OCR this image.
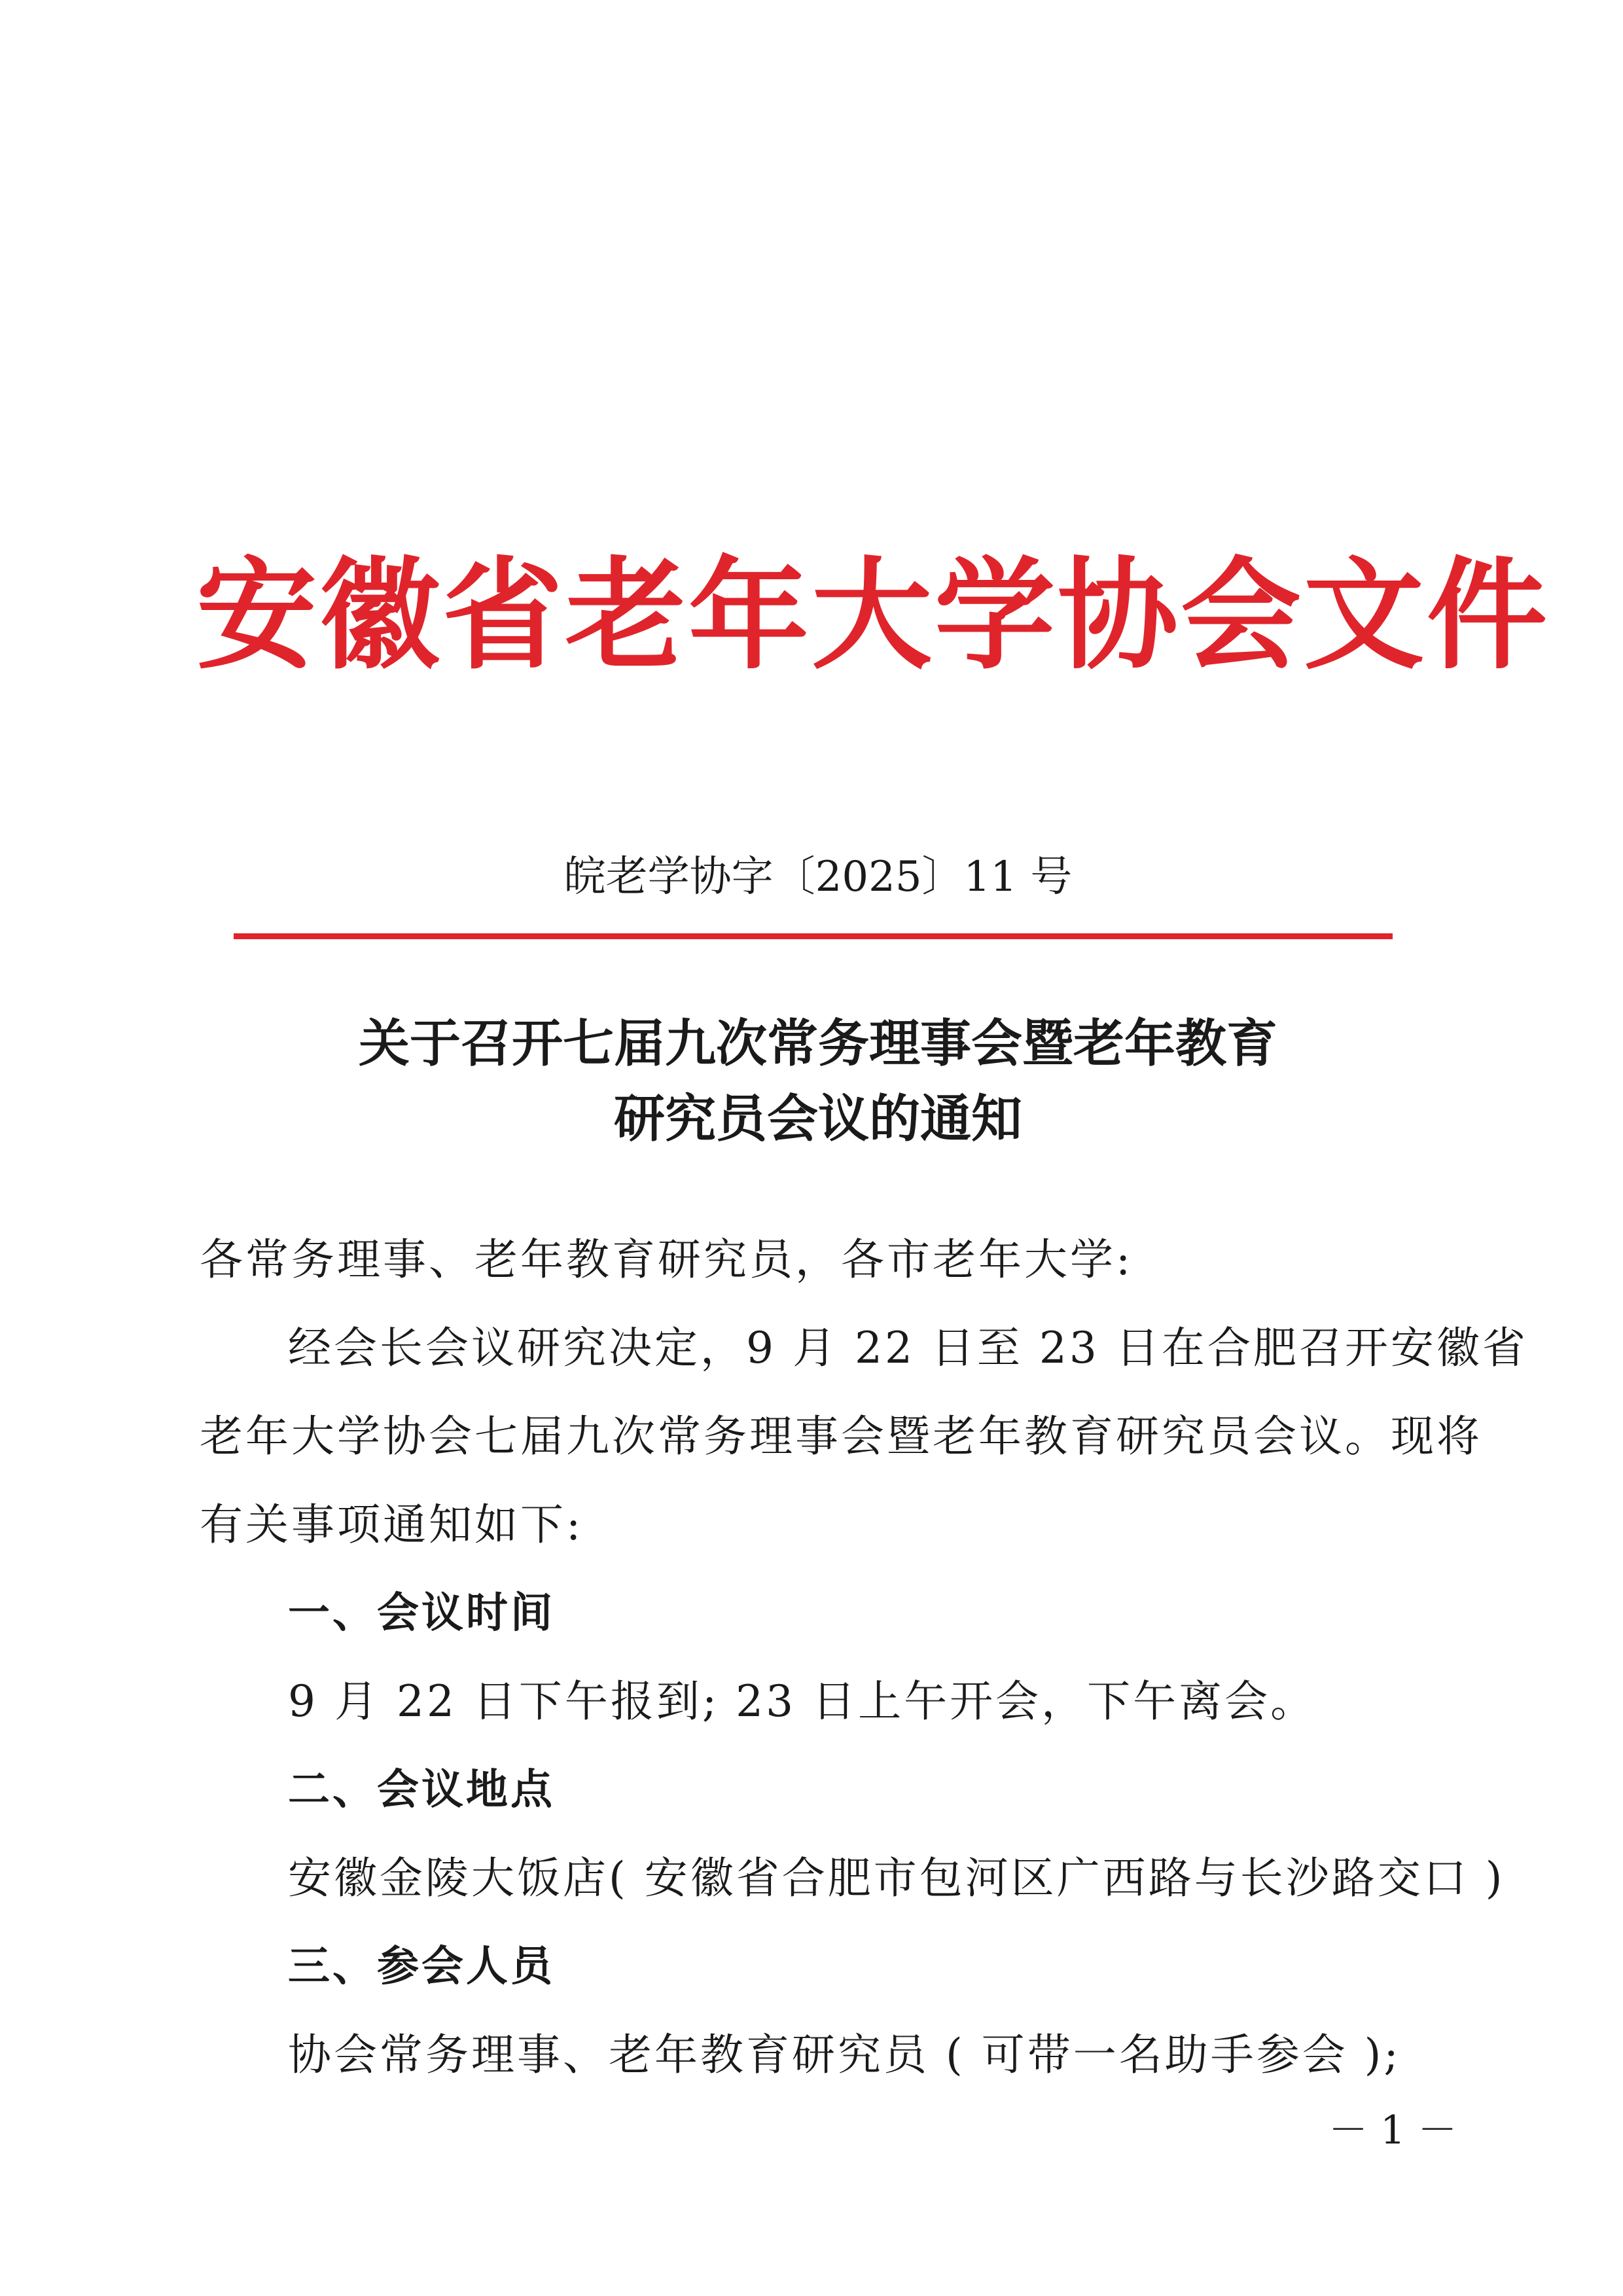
安徽省老年大学协会文件
皖老学协字〔2025〕11 号
关于召开七届九次常务理事会暨老年教育
研究员会议的通知
各常务理事、老年教育研究员，各市老年大学:
经会长会议研究决定，9 月 22 日至 23 日在合肥召开安徽省
老年大学协会七届九次常务理事会暨老年教育研究员会议。现将
有关事项通知如下:
一、会议时间
9 月 22 日下午报到; 23 日上午开会，下午离会。
二、会议地点
安徽金陵大饭店( 安徽省合肥市包河区广西路与长沙路交口 )
三、参会人员
协会常务理事、老年教育研究员 ( 可带一名助手参会 );
－ 1 －
